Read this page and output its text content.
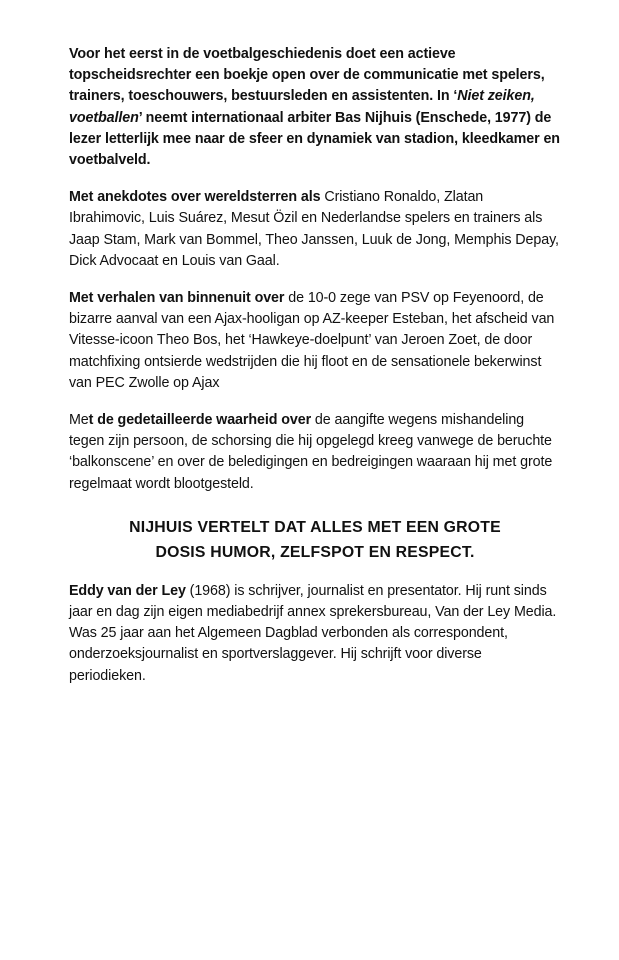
Voor het eerst in de voetbalgeschiedenis doet een actieve topscheidsrechter een boekje open over de communicatie met spelers, trainers, toeschouwers, bestuursleden en assistenten. In ‘Niet zeiken, voetballen’ neemt internationaal arbiter Bas Nijhuis (Enschede, 1977) de lezer letterlijk mee naar de sfeer en dynamiek van stadion, kleedkamer en voetbalveld.

Met anekdotes over wereldsterren als Cristiano Ronaldo, Zlatan Ibrahimovic, Luis Suárez, Mesut Özil en Nederlandse spelers en trainers als Jaap Stam, Mark van Bommel, Theo Janssen, Luuk de Jong, Memphis Depay, Dick Advocaat en Louis van Gaal.

Met verhalen van binnenuit over de 10-0 zege van PSV op Feyenoord, de bizarre aanval van een Ajax-hooligan op AZ-keeper Esteban, het afscheid van Vitesse-icoon Theo Bos, het ‘Hawkeye-doelpunt’ van Jeroen Zoet, de door matchfixing ontsierde wedstrijden die hij floot en de sensationele bekerwinst van PEC Zwolle op Ajax

Met de gedetailleerde waarheid over de aangifte wegens mishandeling tegen zijn persoon, de schorsing die hij opgelegd kreeg vanwege de beruchte ‘balkonscene’ en over de beledigingen en bedreigingen waaraan hij met grote regelmaat wordt blootgesteld.

NIJHUIS VERTELT DAT ALLES MET EEN GROTE
DOSIS HUMOR, ZELFSPOT EN RESPECT.

Eddy van der Ley (1968) is schrijver, journalist en presentator. Hij runt sinds jaar en dag zijn eigen mediabedrijf annex sprekersbureau, Van der Ley Media. Was 25 jaar aan het Algemeen Dagblad verbonden als correspondent, onderzoeksjournalist en sportverslaggever. Hij schrijft voor diverse periodieken.
